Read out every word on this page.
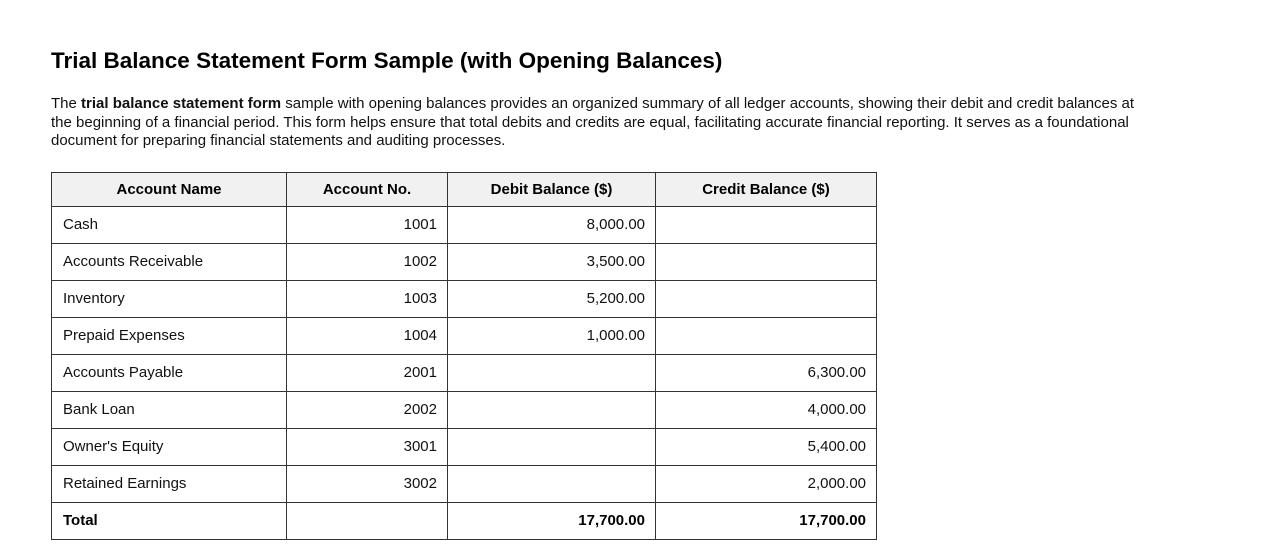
Trial Balance Statement Form Sample (with Opening Balances)

The trial balance statement form sample with opening balances provides an organized summary of all ledger accounts, showing their debit and credit balances at
the beginning of a financial period. This form helps ensure that total debits and credits are equal, facilitating accurate financial reporting. It serves as a foundational
document for preparing financial statements and auditing processes.

Account Name	Account No.	Debit Balance ($)	Credit Balance ($)
Cash	1001	8,000.00	
Accounts Receivable	1002	3,500.00	
Inventory	1003	5,200.00	
Prepaid Expenses	1004	1,000.00	
Accounts Payable	2001		6,300.00
Bank Loan	2002		4,000.00
Owner's Equity	3001		5,400.00
Retained Earnings	3002		2,000.00
Total		17,700.00	17,700.00
